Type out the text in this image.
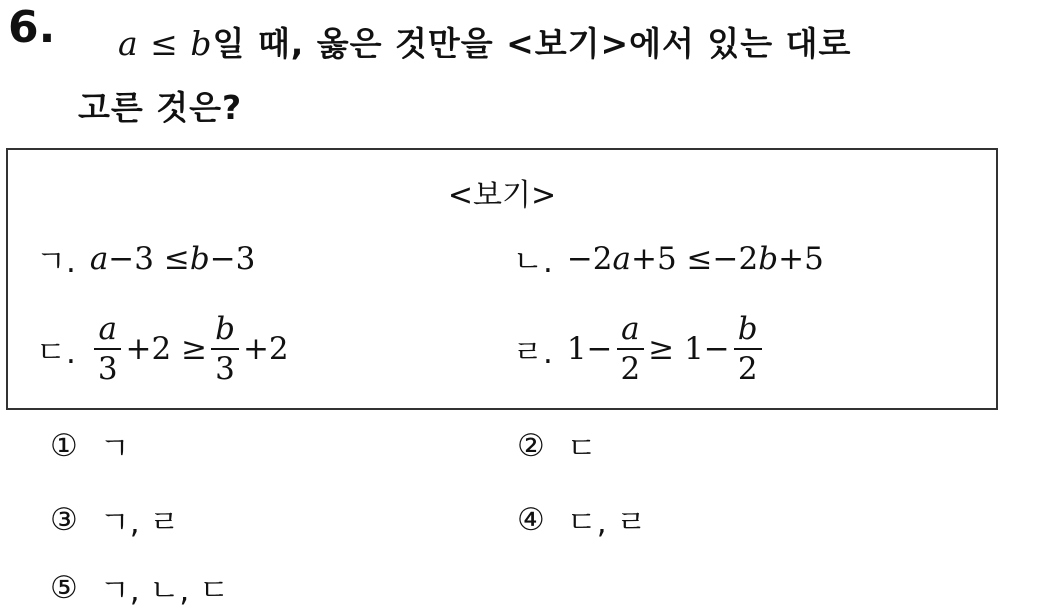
6. a ≤ b일 때, 옳은 것만을 <보기>에서 있는 대로
고른 것은?
<보기>
ㄱ. a −3 ≤ b −3	ㄴ. −2 a +5 ≤−2 b +5
ㄷ. $\frac{a}{3} +2 \ge \frac{b}{3} +2$	ㄹ. $1- \frac{a}{2} \ge 1- \frac{b}{2}$
① ㄱ	② ㄷ
③ ㄱ, ㄹ	④ ㄷ, ㄹ
⑤ ㄱ, ㄴ, ㄷ
